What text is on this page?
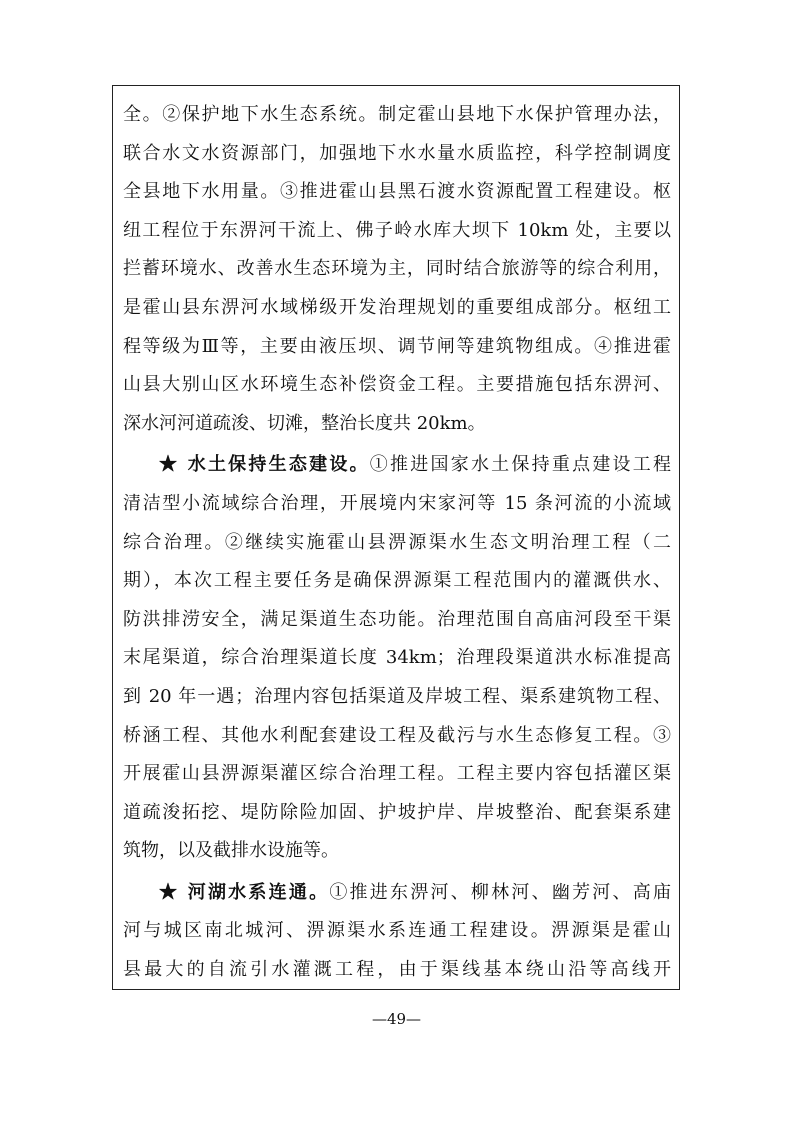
全。②保护地下水生态系统。制定霍山县地下水保护管理办法，
联合水文水资源部门，加强地下水水量水质监控，科学控制调度
全县地下水用量。③推进霍山县黑石渡水资源配置工程建设。枢
纽工程位于东淠河干流上、佛子岭水库大坝下 10km 处，主要以
拦蓄环境水、改善水生态环境为主，同时结合旅游等的综合利用，
是霍山县东淠河水域梯级开发治理规划的重要组成部分。枢纽工
程等级为Ⅲ等，主要由液压坝、调节闸等建筑物组成。④推进霍
山县大别山区水环境生态补偿资金工程。主要措施包括东淠河、
深水河河道疏浚、切滩，整治长度共 20km。
★ 水土保持生态建设。①推进国家水土保持重点建设工程
清洁型小流域综合治理，开展境内宋家河等 15 条河流的小流域
综合治理。②继续实施霍山县淠源渠水生态文明治理工程（二
期），本次工程主要任务是确保淠源渠工程范围内的灌溉供水、
防洪排涝安全，满足渠道生态功能。治理范围自高庙河段至干渠
末尾渠道，综合治理渠道长度 34km；治理段渠道洪水标准提高
到 20 年一遇；治理内容包括渠道及岸坡工程、渠系建筑物工程、
桥涵工程、其他水利配套建设工程及截污与水生态修复工程。③
开展霍山县淠源渠灌区综合治理工程。工程主要内容包括灌区渠
道疏浚拓挖、堤防除险加固、护坡护岸、岸坡整治、配套渠系建
筑物，以及截排水设施等。
★ 河湖水系连通。①推进东淠河、柳林河、幽芳河、高庙
河与城区南北城河、淠源渠水系连通工程建设。淠源渠是霍山
县最大的自流引水灌溉工程，由于渠线基本绕山沿等高线开
—49—
